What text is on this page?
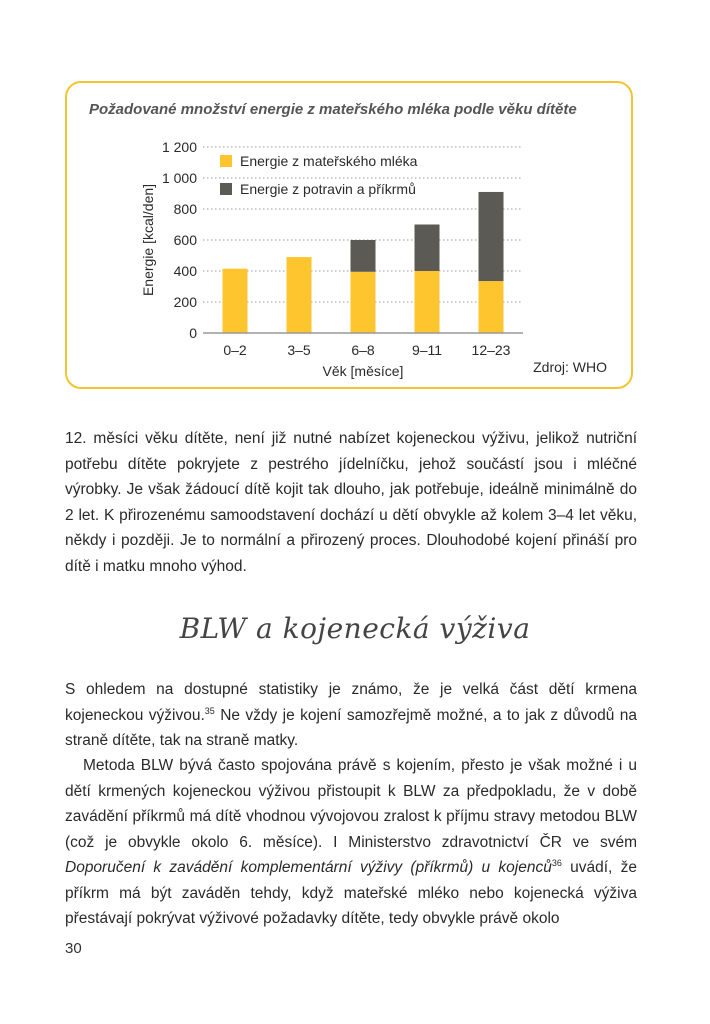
Požadované množství energie z mateřského mléka podle věku dítěte
0
200
400
600
800
1 000
1 200
0–2	3–5	6–8	9–11 12–23
Energie [kcal/den]
Věk [měsíce]
Energie z mateřského mléka
Energie z potravin a příkrmů
Zdroj: WHO

12. měsíci věku dítěte, není již nutné nabízet kojeneckou výživu, jelikož nutriční potřebu dítěte pokryjete z pestrého jídelníčku, jehož součástí jsou i mléčné výrobky. Je však žádoucí dítě kojit tak dlouho, jak potřebuje, ideálně minimálně do 2 let. K přirozenému samoodstavení dochází u dětí obvykle až kolem 3–4 let věku, někdy i později. Je to normální a přirozený proces. Dlouhodobé kojení přináší pro dítě i matku mnoho výhod.

BLW a kojenecká výživa

S ohledem na dostupné statistiky je známo, že je velká část dětí krmena kojeneckou výživou.$^{35}$ Ne vždy je kojení samozřejmě možné, a to jak z důvodů na straně dítěte, tak na straně matky.

Metoda BLW bývá často spojována právě s kojením, přesto je však možné i u dětí krmených kojeneckou výživou přistoupit k BLW za předpokladu, že v době zavádění příkrmů má dítě vhodnou vývojovou zralost k příjmu stravy metodou BLW (což je obvykle okolo 6. měsíce). I Ministerstvo zdravotnictví ČR ve svém Doporučení k zavádění komplementární výživy (příkrmů) u kojenců$^{36}$ uvádí, že příkrm má být zaváděn tehdy, když mateřské mléko nebo kojenecká výživa přestávají pokrývat výživové požadavky dítěte, tedy obvykle právě okolo

30
